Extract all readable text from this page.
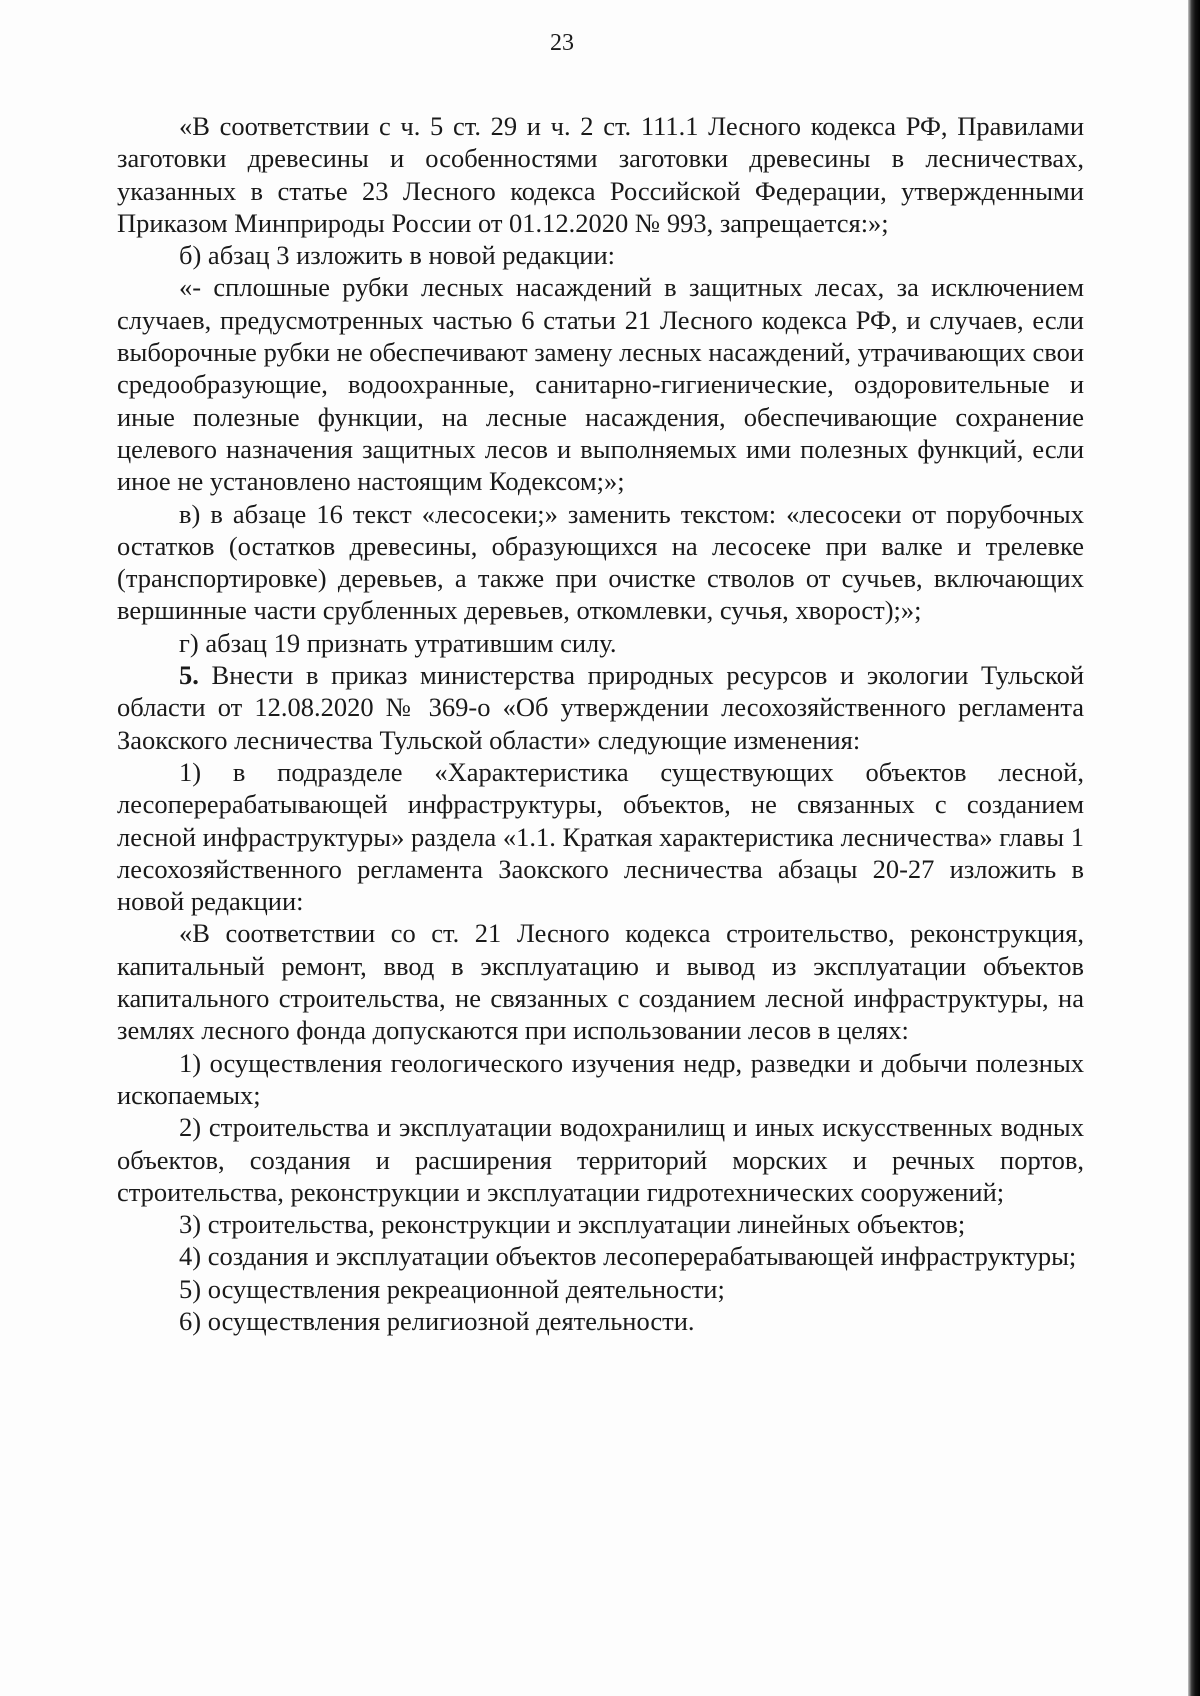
23

«В соответствии с ч. 5 ст. 29 и ч. 2 ст. 111.1 Лесного кодекса РФ, Правилами заготовки древесины и особенностями заготовки древесины в лесничествах, указанных в статье 23 Лесного кодекса Российской Федерации, утвержденными Приказом Минприроды России от 01.12.2020 № 993, запрещается:»;

б) абзац 3 изложить в новой редакции:

«- сплошные рубки лесных насаждений в защитных лесах, за исключением случаев, предусмотренных частью 6 статьи 21 Лесного кодекса РФ, и случаев, если выборочные рубки не обеспечивают замену лесных насаждений, утрачивающих свои средообразующие, водоохранные, санитарно-гигиенические, оздоровительные и иные полезные функции, на лесные насаждения, обеспечивающие сохранение целевого назначения защитных лесов и выполняемых ими полезных функций, если иное не установлено настоящим Кодексом;»;

в) в абзаце 16 текст «лесосеки;» заменить текстом: «лесосеки от порубочных остатков (остатков древесины, образующихся на лесосеке при валке и трелевке (транспортировке) деревьев, а также при очистке стволов от сучьев, включающих вершинные части срубленных деревьев, откомлевки, сучья, хворост);»;

г) абзац 19 признать утратившим силу.

5. Внести в приказ министерства природных ресурсов и экологии Тульской области от 12.08.2020 № 369-о «Об утверждении лесохозяйственного регламента Заокского лесничества Тульской области» следующие изменения:

1) в подразделе «Характеристика существующих объектов лесной, лесоперерабатывающей инфраструктуры, объектов, не связанных с созданием лесной инфраструктуры» раздела «1.1. Краткая характеристика лесничества» главы 1 лесохозяйственного регламента Заокского лесничества абзацы 20-27 изложить в новой редакции:

«В соответствии со ст. 21 Лесного кодекса строительство, реконструкция, капитальный ремонт, ввод в эксплуатацию и вывод из эксплуатации объектов капитального строительства, не связанных с созданием лесной инфраструктуры, на землях лесного фонда допускаются при использовании лесов в целях:

1) осуществления геологического изучения недр, разведки и добычи полезных ископаемых;

2) строительства и эксплуатации водохранилищ и иных искусственных водных объектов, создания и расширения территорий морских и речных портов, строительства, реконструкции и эксплуатации гидротехнических сооружений;

3) строительства, реконструкции и эксплуатации линейных объектов;

4) создания и эксплуатации объектов лесоперерабатывающей инфраструктуры;

5) осуществления рекреационной деятельности;

6) осуществления религиозной деятельности.
